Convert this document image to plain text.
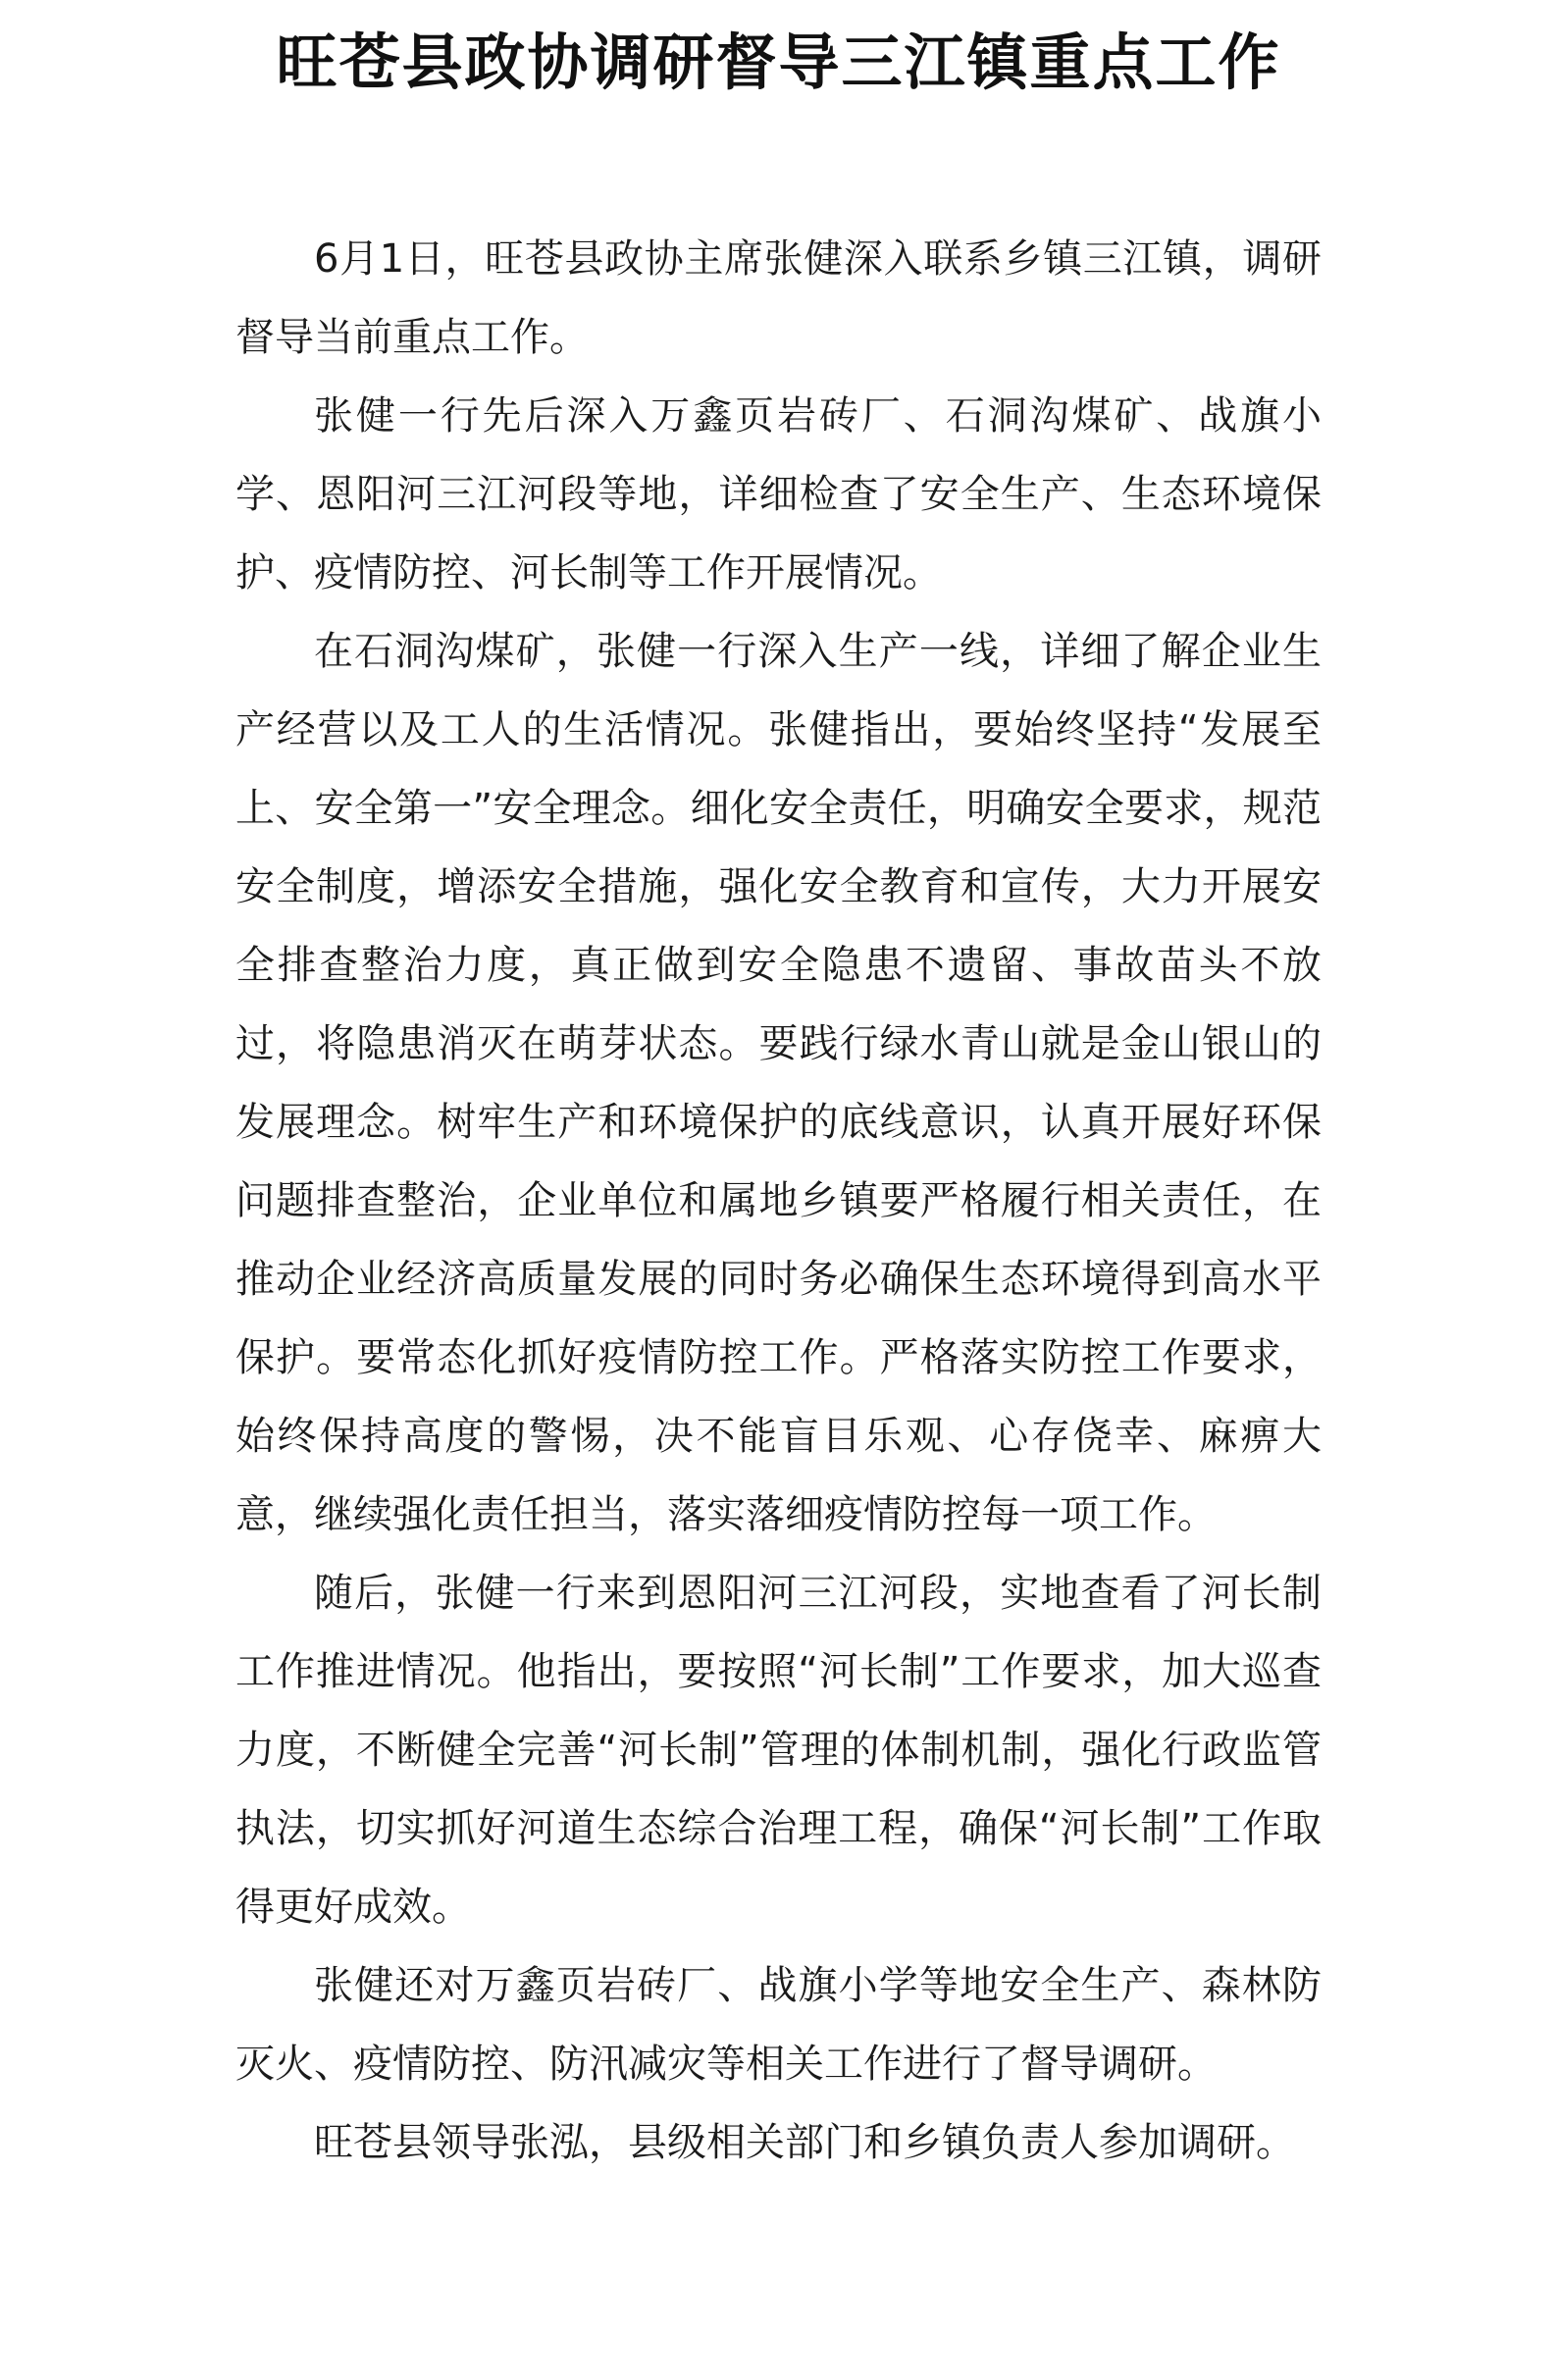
旺苍县政协调研督导三江镇重点工作

6月1日，旺苍县政协主席张健深入联系乡镇三江镇，调研督导当前重点工作。

张健一行先后深入万鑫页岩砖厂、石洞沟煤矿、战旗小学、恩阳河三江河段等地，详细检查了安全生产、生态环境保护、疫情防控、河长制等工作开展情况。

在石洞沟煤矿，张健一行深入生产一线，详细了解企业生产经营以及工人的生活情况。张健指出，要始终坚持“发展至上、安全第一”安全理念。细化安全责任，明确安全要求，规范安全制度，增添安全措施，强化安全教育和宣传，大力开展安全排查整治力度，真正做到安全隐患不遗留、事故苗头不放过，将隐患消灭在萌芽状态。要践行绿水青山就是金山银山的发展理念。树牢生产和环境保护的底线意识，认真开展好环保问题排查整治，企业单位和属地乡镇要严格履行相关责任，在推动企业经济高质量发展的同时务必确保生态环境得到高水平保护。要常态化抓好疫情防控工作。严格落实防控工作要求，始终保持高度的警惕，决不能盲目乐观、心存侥幸、麻痹大意，继续强化责任担当，落实落细疫情防控每一项工作。

随后，张健一行来到恩阳河三江河段，实地查看了河长制工作推进情况。他指出，要按照“河长制”工作要求，加大巡查力度，不断健全完善“河长制”管理的体制机制，强化行政监管执法，切实抓好河道生态综合治理工程，确保“河长制”工作取得更好成效。

张健还对万鑫页岩砖厂、战旗小学等地安全生产、森林防灭火、疫情防控、防汛减灾等相关工作进行了督导调研。

旺苍县领导张泓，县级相关部门和乡镇负责人参加调研。
